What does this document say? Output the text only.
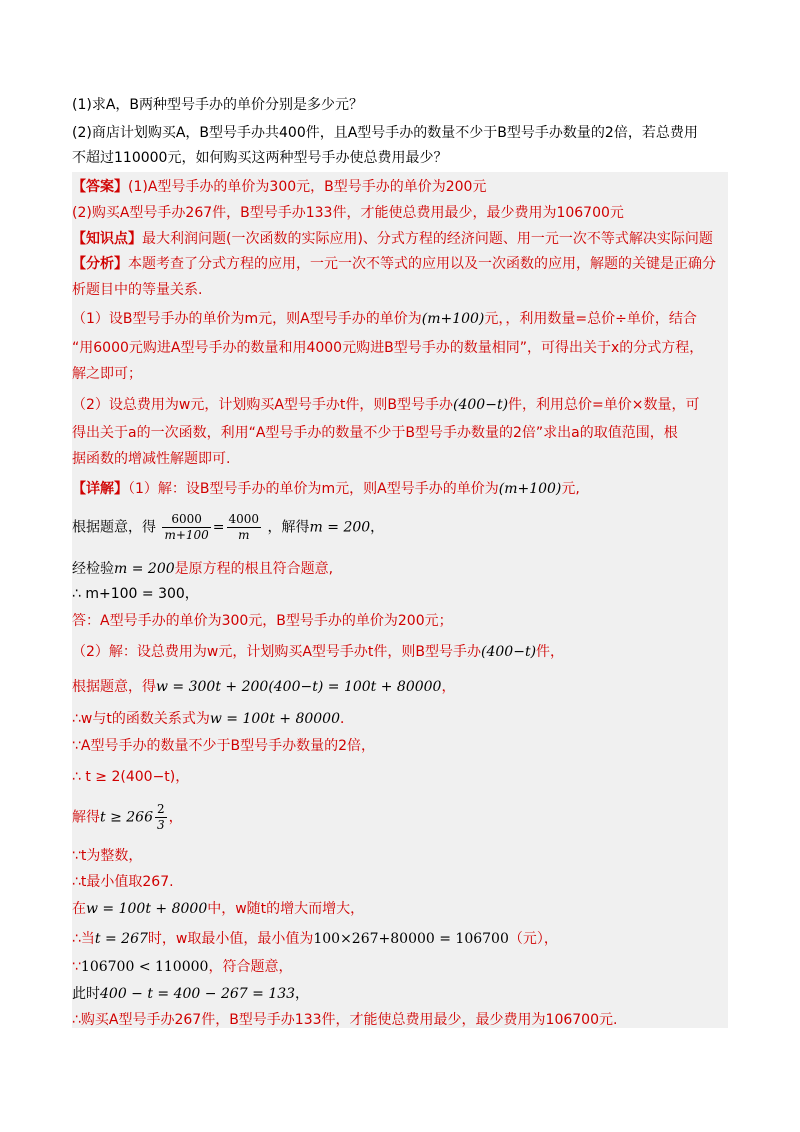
(1)求A，B两种型号手办的单价分别是多少元？
(2)商店计划购买A，B型号手办共400件，且A型号手办的数量不少于B型号手办数量的2倍，若总费用
不超过110000元，如何购买这两种型号手办使总费用最少？
【答案】(1)A型号手办的单价为300元，B型号手办的单价为200元
(2)购买A型号手办267件，B型号手办133件，才能使总费用最少，最少费用为106700元
【知识点】最大利润问题(一次函数的实际应用)、分式方程的经济问题、用一元一次不等式解决实际问题
【分析】本题考查了分式方程的应用，一元一次不等式的应用以及一次函数的应用，解题的关键是正确分
析题目中的等量关系.
（1）设B型号手办的单价为m元，则A型号手办的单价为(m+100)元，，利用数量=总价÷单价，结合
“用6000元购进A型号手办的数量和用4000元购进B型号手办的数量相同”，可得出关于x的分式方程，
解之即可；
（2）设总费用为w元，计划购买A型号手办t件，则B型号手办(400−t)件，利用总价=单价×数量，可
得出关于a的一次函数，利用“A型号手办的数量不少于B型号手办数量的2倍”求出a的取值范围，根
据函数的增减性解题即可.
【详解】（1）解：设B型号手办的单价为m元，则A型号手办的单价为(m+100)元,
根据题意，得 $\frac{6000}{m+100} = \frac{4000}{m}$ ，解得m = 200，
经检验m = 200是原方程的根且符合题意,
∴ m+100 = 300，
答：A型号手办的单价为300元，B型号手办的单价为200元；
（2）解：设总费用为w元，计划购买A型号手办t件，则B型号手办(400−t)件，
根据题意，得w = 300t + 200(400−t) = 100t + 80000，
∴w与t的函数关系式为w = 100t + 80000．
∵A型号手办的数量不少于B型号手办数量的2倍，
∴ t ≥ 2(400−t)，
解得$t \ge 266 \frac{2}{3}$ ，
∵t为整数，
∴t最小值取267.
在w = 100t + 8000中，w随t的增大而增大，
∴当t = 267时，w取最小值，最小值为100×267+80000 = 106700（元），
∵106700 < 110000，符合题意，
此时400 − t = 400 − 267 = 133，
∴购买A型号手办267件，B型号手办133件，才能使总费用最少，最少费用为106700元.
